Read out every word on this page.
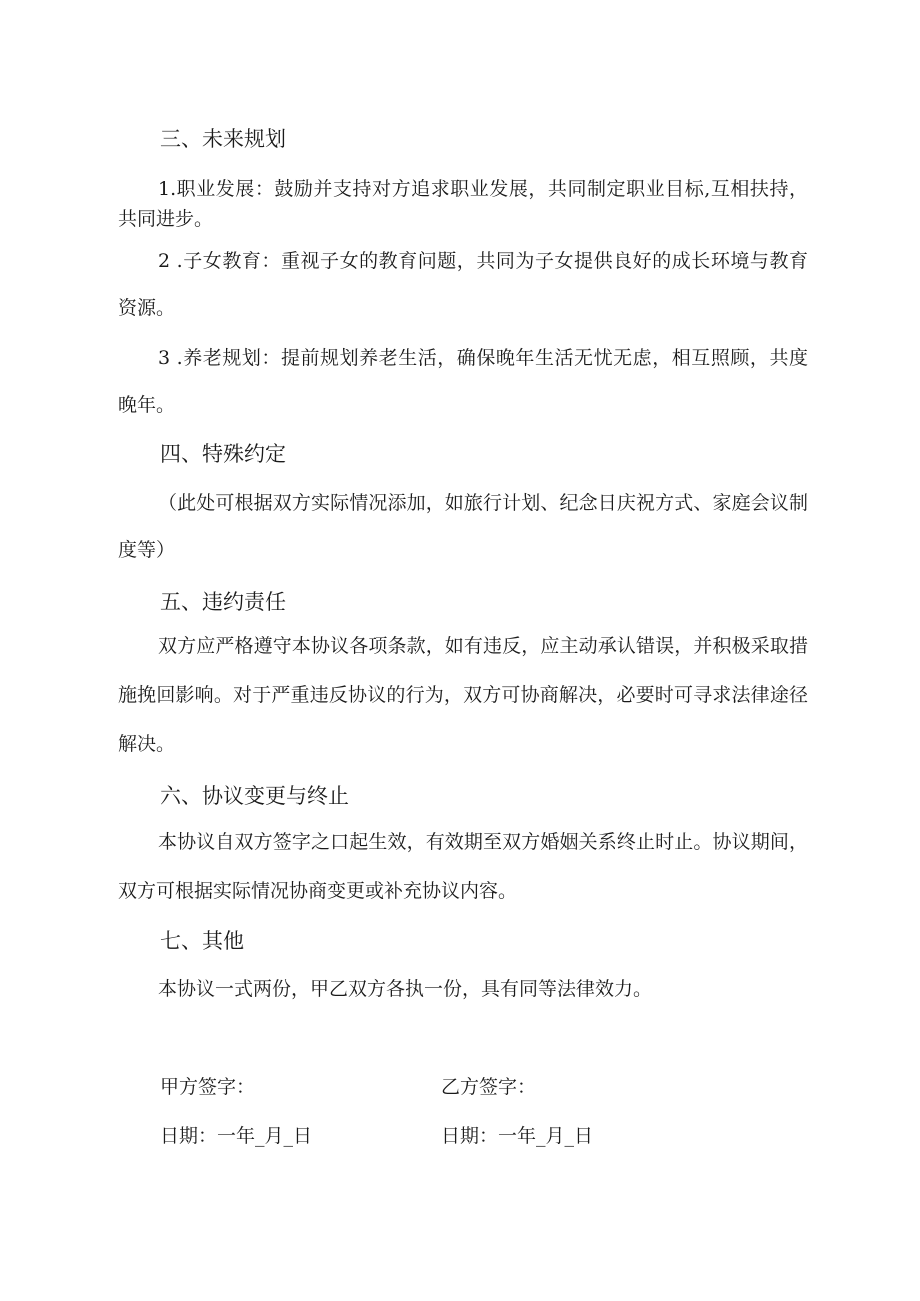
三、未来规划

1.职业发展：鼓励并支持对方追求职业发展，共同制定职业目标,互相扶持，共同进步。

2 .子女教育：重视子女的教育问题，共同为子女提供良好的成长环境与教育资源。

3 .养老规划：提前规划养老生活，确保晚年生活无忧无虑，相互照顾，共度晚年。

四、特殊约定

（此处可根据双方实际情况添加，如旅行计划、纪念日庆祝方式、家庭会议制度等）

五、违约责任

双方应严格遵守本协议各项条款，如有违反，应主动承认错误，并积极采取措施挽回影响。对于严重违反协议的行为，双方可协商解决，必要时可寻求法律途径解决。

六、协议变更与终止

本协议自双方签字之口起生效，有效期至双方婚姻关系终止时止。协议期间，双方可根据实际情况协商变更或补充协议内容。

七、其他

本协议一式两份，甲乙双方各执一份，具有同等法律效力。

甲方签字：	乙方签字：
日期：一年_月_日	日期：一年_月_日
